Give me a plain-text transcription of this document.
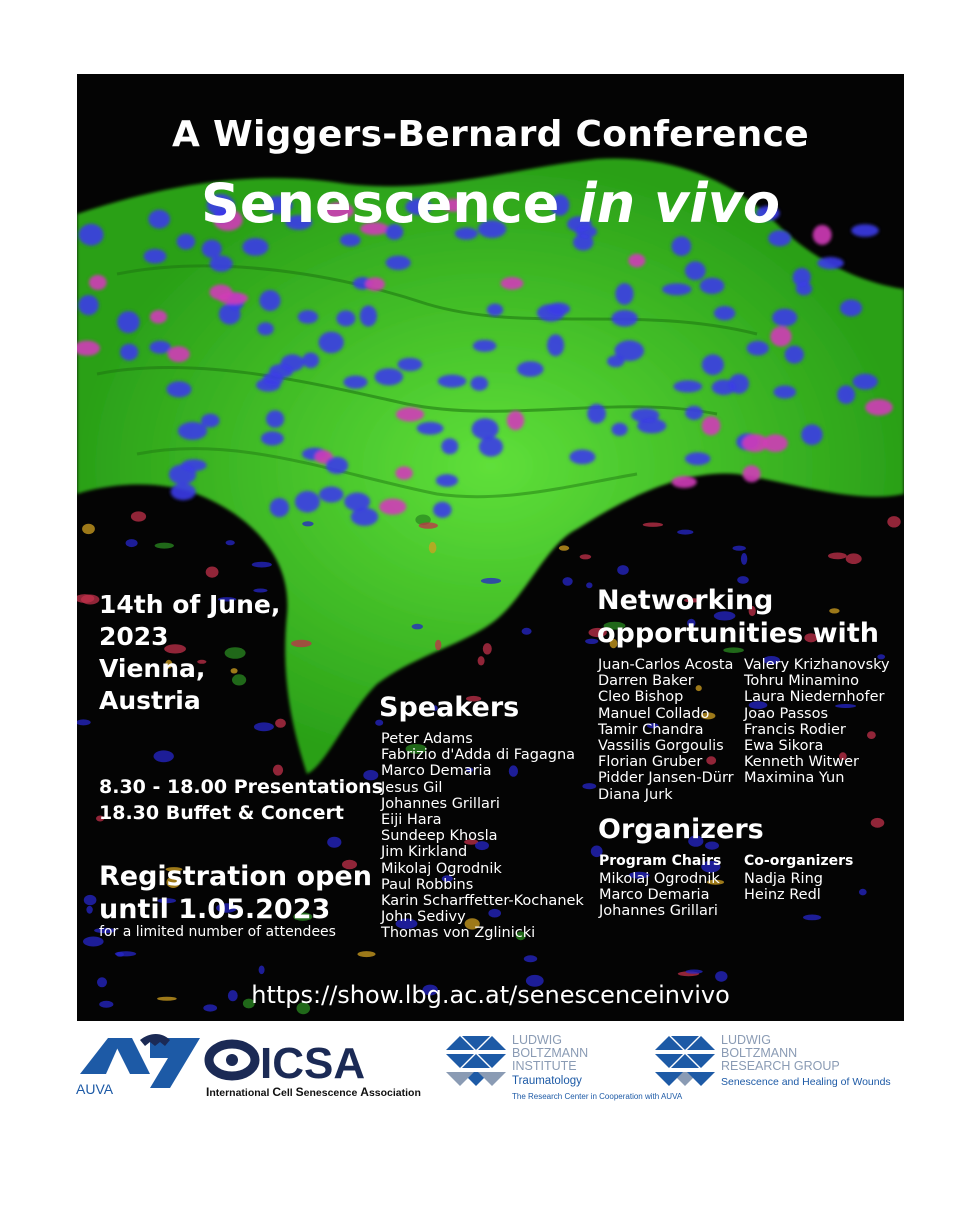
A Wiggers-Bernard Conference
Senescence in vivo
14th of June,
2023
Vienna,
Austria
8.30 - 18.00 Presentations
18.30 Buffet & Concert
Registration open
until 1.05.2023
for a limited number of attendees
Speakers
Peter Adams
Fabrizio d'Adda di Fagagna
Marco Demaria
Jesus Gil
Johannes Grillari
Eiji Hara
Sundeep Khosla
Jim Kirkland
Mikolaj Ogrodnik
Paul Robbins
Karin Scharffetter-Kochanek
John Sedivy
Thomas von Zglinicki
Networking
opportunities with
Juan-Carlos Acosta
Darren Baker
Cleo Bishop
Manuel Collado
Tamir Chandra
Vassilis Gorgoulis
Florian Gruber
Pidder Jansen-Dürr
Diana Jurk
Valery Krizhanovsky
Tohru Minamino
Laura Niedernhofer
Joao Passos
Francis Rodier
Ewa Sikora
Kenneth Witwer
Maximina Yun
Organizers
Program Chairs Co-organizers
Mikolaj Ogrodnik
Marco Demaria
Johannes Grillari
Nadja Ring
Heinz Redl
https://show.lbg.ac.at/senescenceinvivo
AUVA
ICSA
International Cell Senescence Association
LUDWIG
BOLTZMANN
INSTITUTE
Traumatology
The Research Center in Cooperation with AUVA
LUDWIG
BOLTZMANN
RESEARCH GROUP
Senescence and Healing of Wounds
